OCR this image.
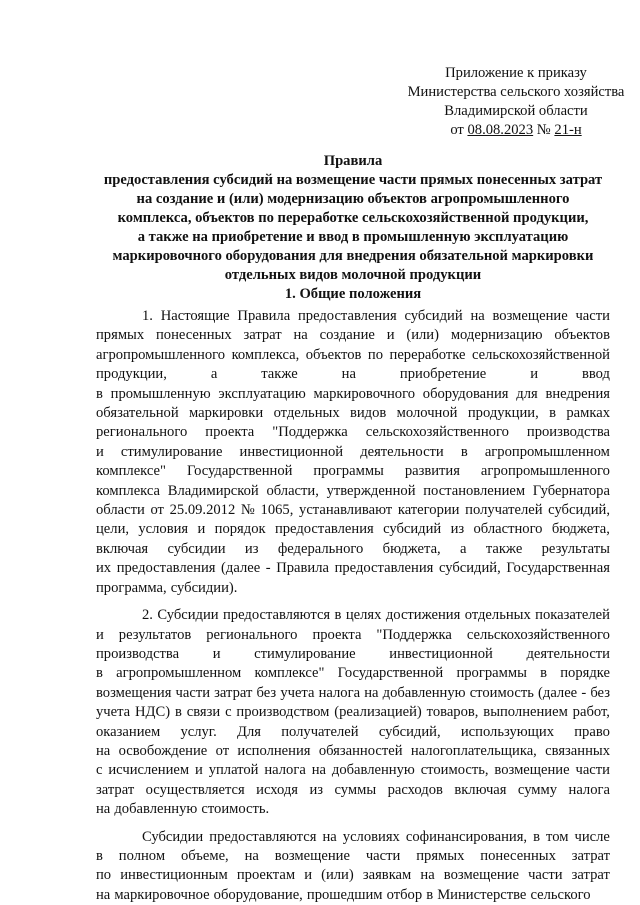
Приложение к приказу
Министерства сельского хозяйства
Владимирской области
от 08.08.2023 № 21-н
Правила
предоставления субсидий на возмещение части прямых понесенных затрат
на создание и (или) модернизацию объектов агропромышленного
комплекса, объектов по переработке сельскохозяйственной продукции,
а также на приобретение и ввод в промышленную эксплуатацию
маркировочного оборудования для внедрения обязательной маркировки
отдельных видов молочной продукции
1. Общие положения
1. Настоящие Правила предоставления субсидий на возмещение части
прямых понесенных затрат на создание и (или) модернизацию объектов
агропромышленного комплекса, объектов по переработке сельскохозяйственной
продукции,	а	также	на	приобретение	и	ввод
в промышленную эксплуатацию маркировочного оборудования для внедрения
обязательной маркировки отдельных видов молочной продукции, в рамках
регионального проекта "Поддержка сельскохозяйственного производства
и стимулирование инвестиционной деятельности в агропромышленном
комплексе" Государственной программы развития агропромышленного
комплекса Владимирской области, утвержденной постановлением Губернатора
области от 25.09.2012 № 1065, устанавливают категории получателей субсидий,
цели, условия и порядок предоставления субсидий из областного бюджета,
включая субсидии из федерального бюджета, а также результаты
их предоставления (далее - Правила предоставления субсидий, Государственная
программа, субсидии).
2. Субсидии предоставляются в целях достижения отдельных показателей
и результатов регионального проекта "Поддержка сельскохозяйственного
производства и стимулирование инвестиционной деятельности
в агропромышленном комплексе" Государственной программы в порядке
возмещения части затрат без учета налога на добавленную стоимость (далее - без
учета НДС) в связи с производством (реализацией) товаров, выполнением работ,
оказанием услуг. Для получателей субсидий, использующих право
на освобождение от исполнения обязанностей налогоплательщика, связанных
с исчислением и уплатой налога на добавленную стоимость, возмещение части
затрат осуществляется исходя из суммы расходов включая сумму налога
на добавленную стоимость.
Субсидии предоставляются на условиях софинансирования, в том числе
в полном объеме, на возмещение части прямых понесенных затрат
по инвестиционным проектам и (или) заявкам на возмещение части затрат
на маркировочное оборудование, прошедшим отбор в Министерстве сельского
